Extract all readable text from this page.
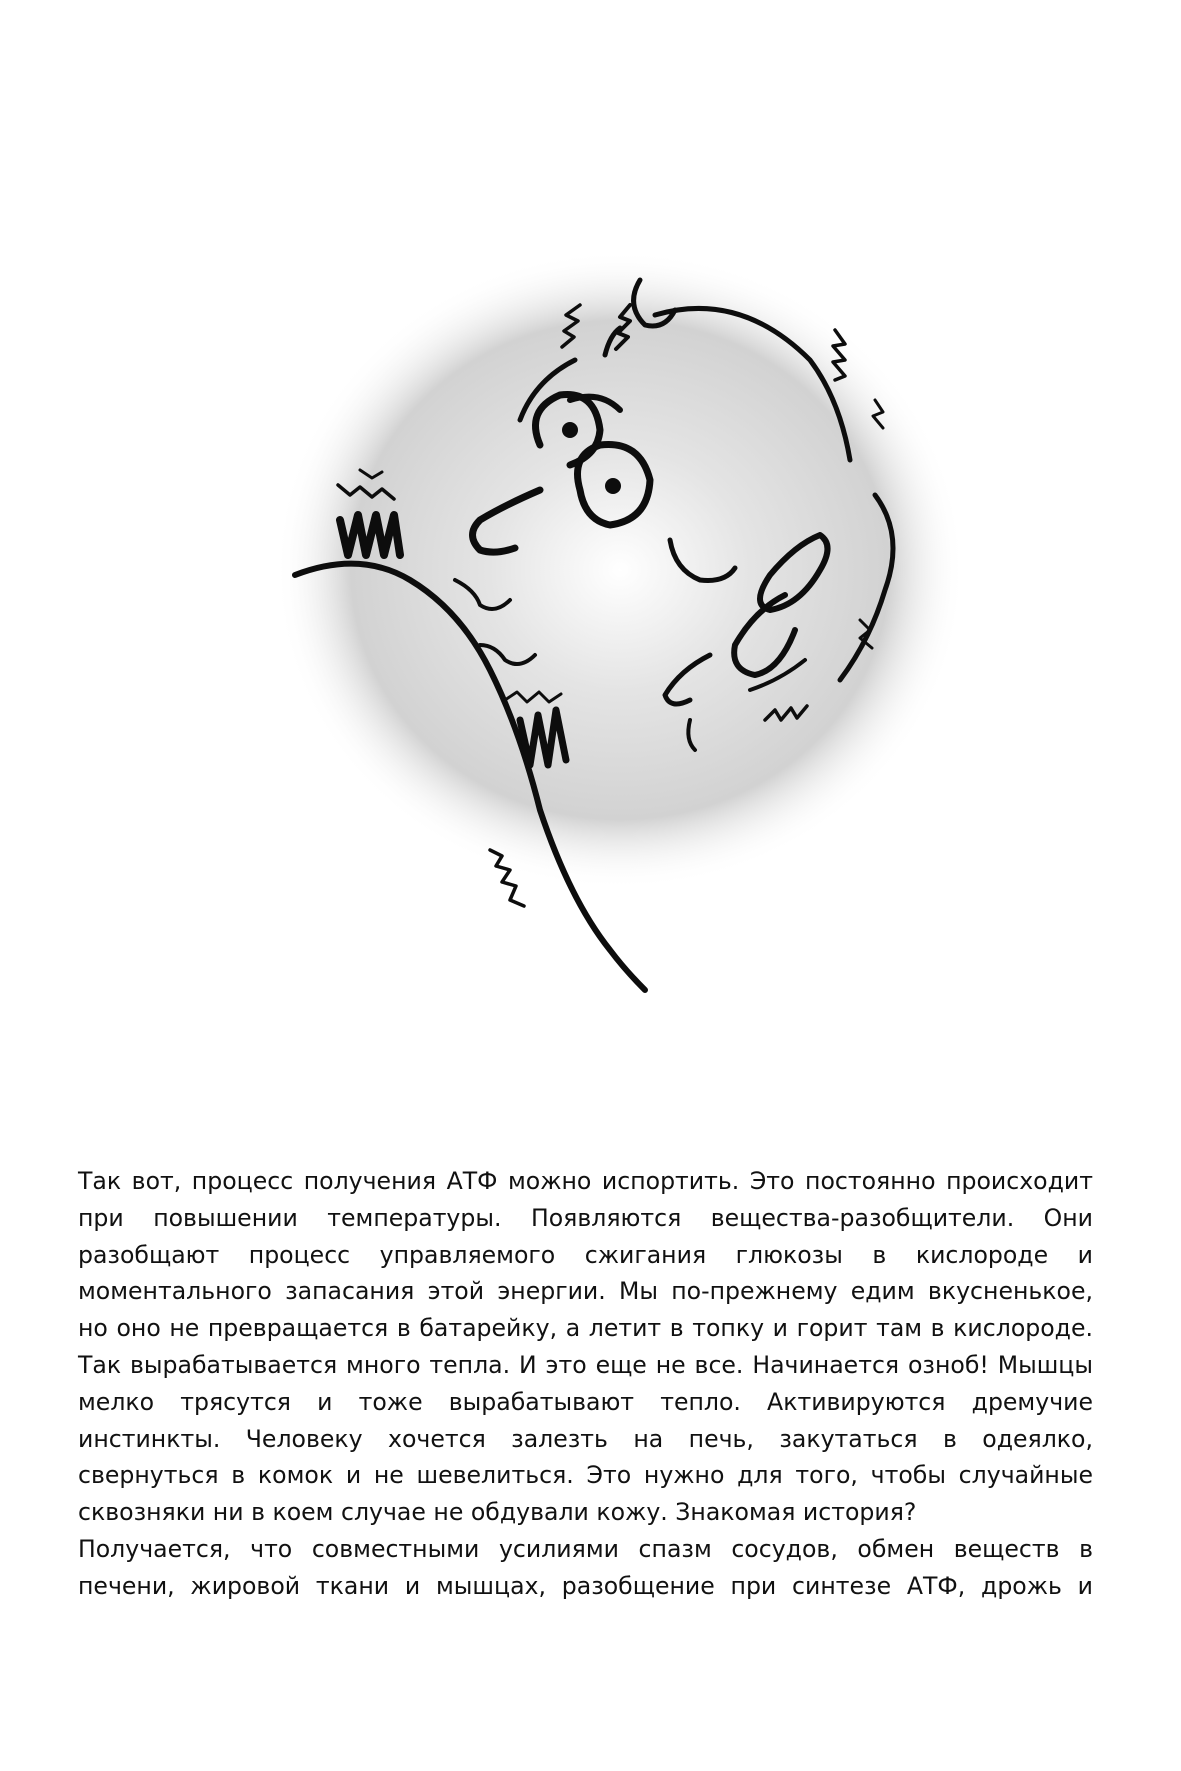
Так вот, процесс получения АТФ можно испортить. Это постоянно происходит
при повышении температуры. Появляются вещества-разобщители. Они
разобщают процесс управляемого сжигания глюкозы в кислороде и
моментального запасания этой энергии. Мы по-прежнему едим вкусненькое,
но оно не превращается в батарейку, а летит в топку и горит там в кислороде.
Так вырабатывается много тепла. И это еще не все. Начинается озноб! Мышцы
мелко трясутся и тоже вырабатывают тепло. Активируются дремучие
инстинкты. Человеку хочется залезть на печь, закутаться в одеялко,
свернуться в комок и не шевелиться. Это нужно для того, чтобы случайные
сквозняки ни в коем случае не обдували кожу. Знакомая история?

Получается, что совместными усилиями спазм сосудов, обмен веществ в
печени, жировой ткани и мышцах, разобщение при синтезе АТФ, дрожь и
